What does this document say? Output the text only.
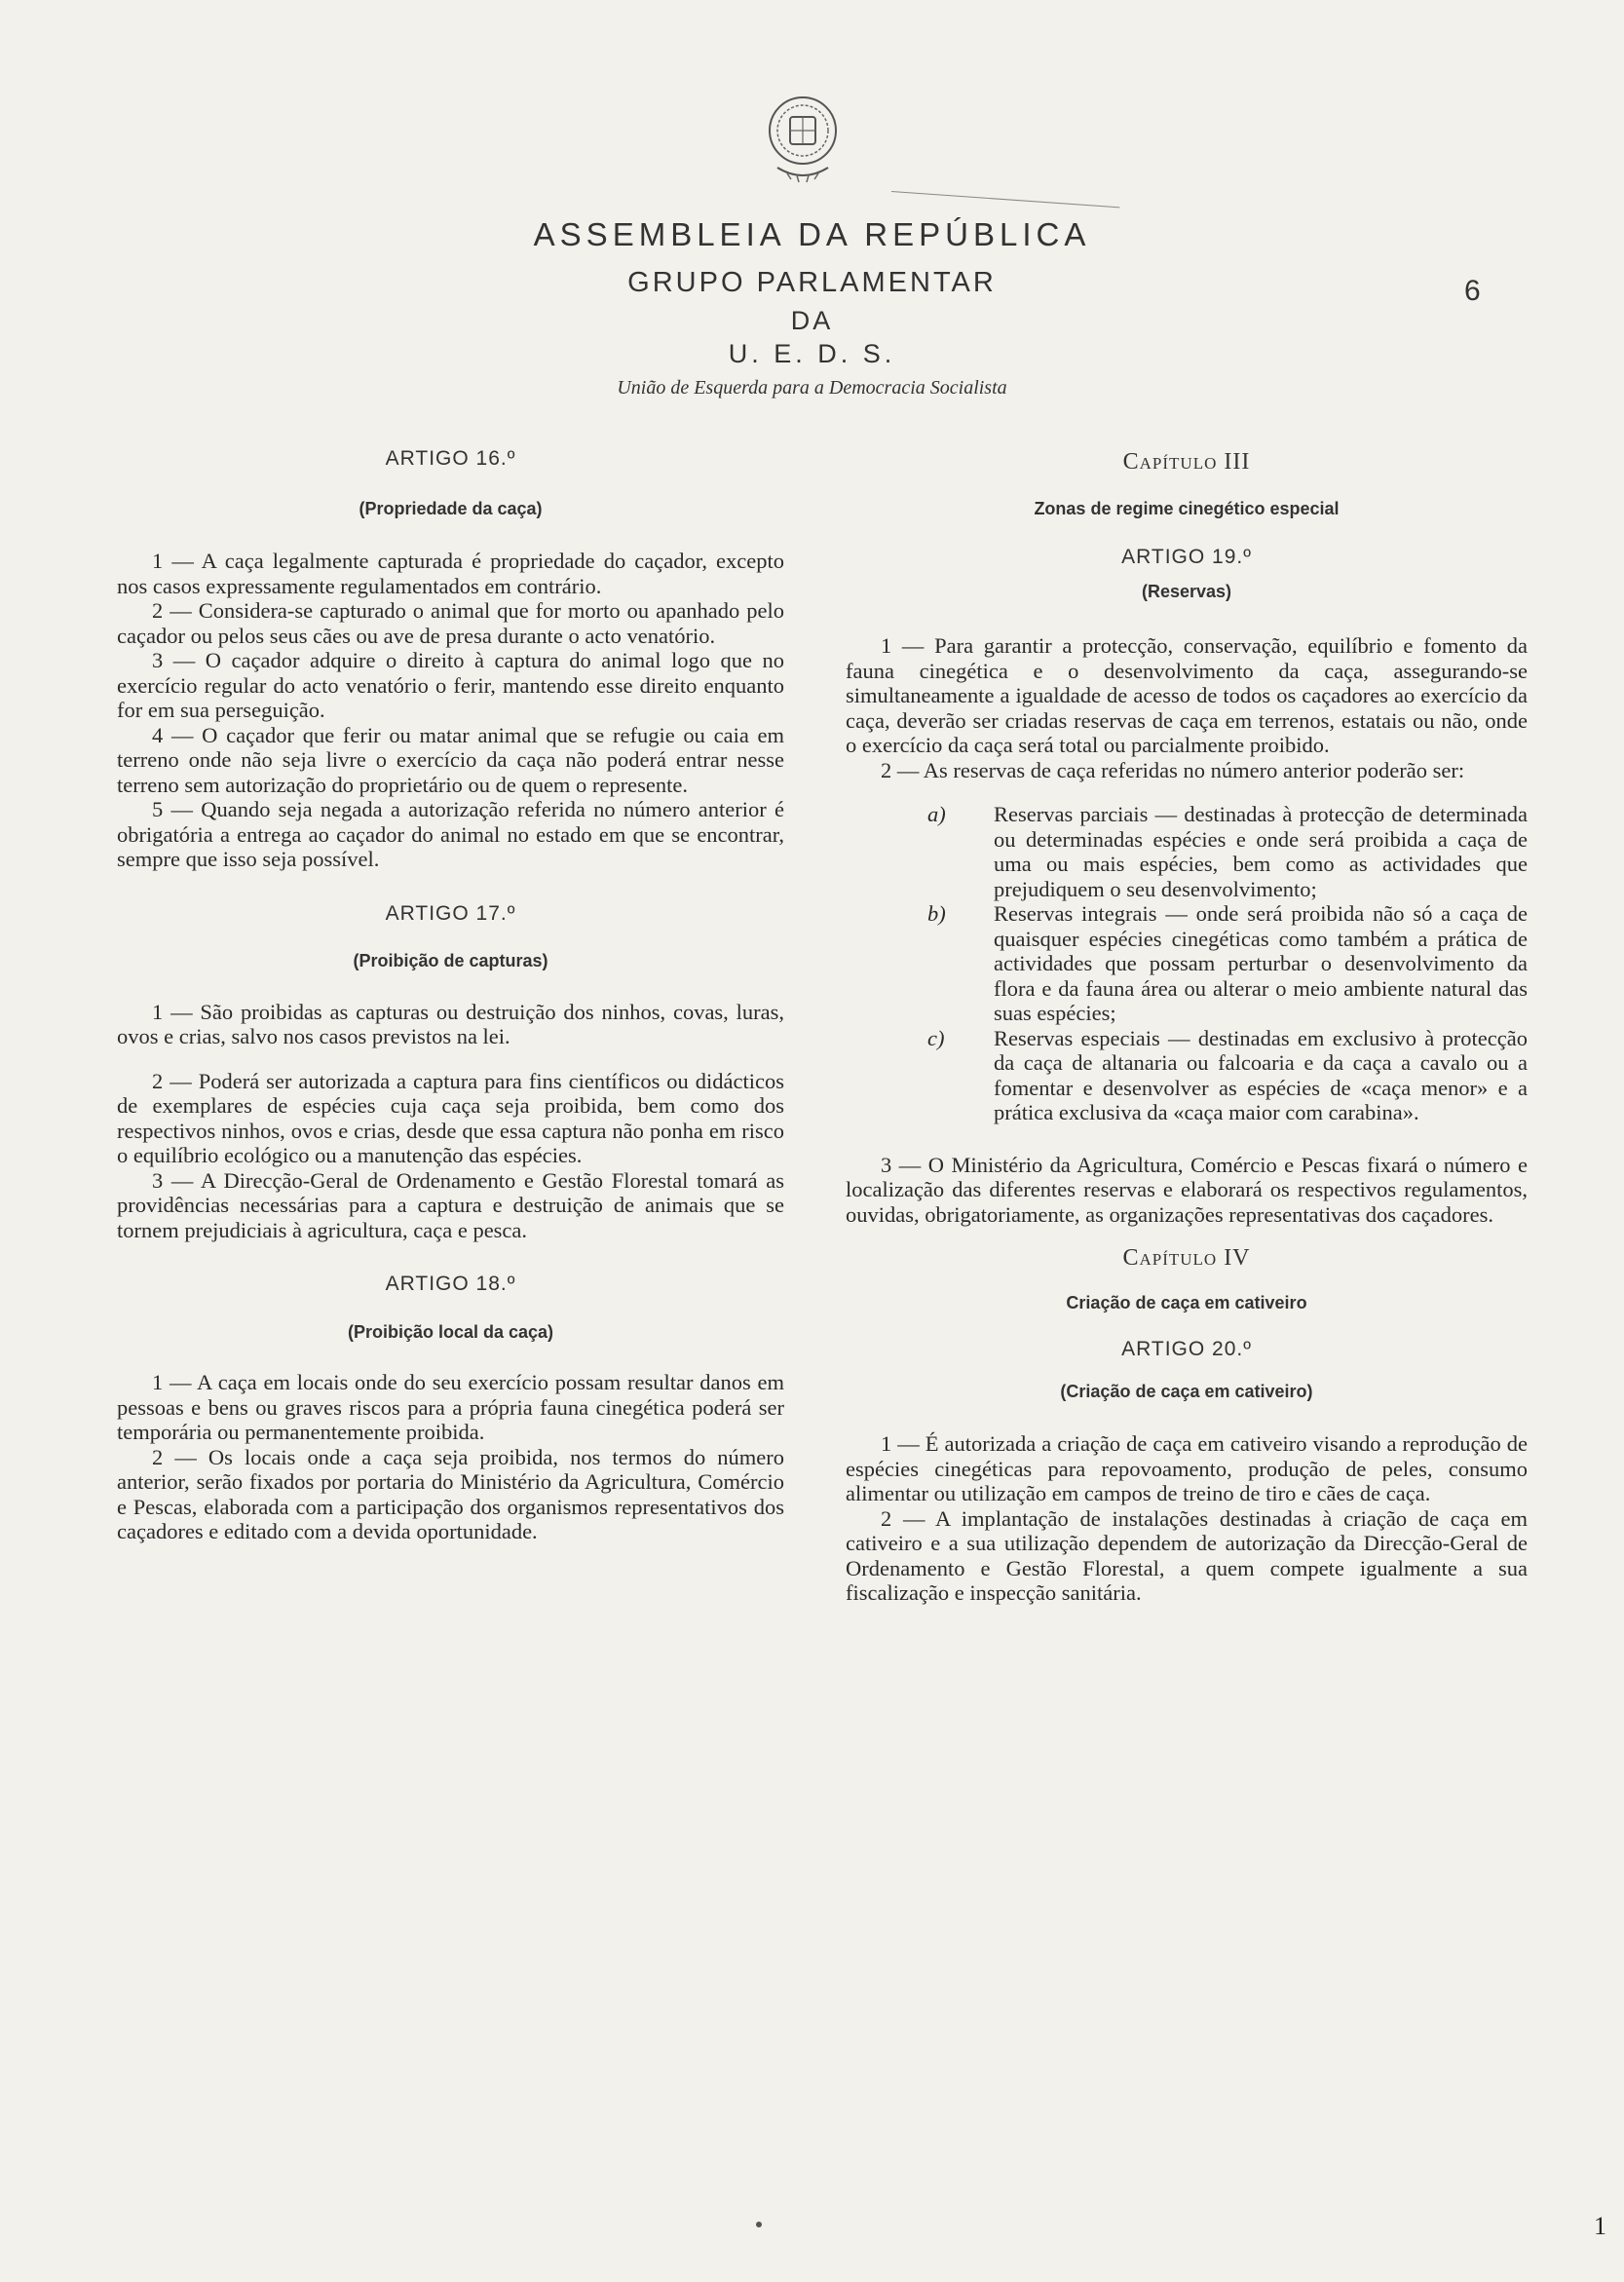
ASSEMBLEIA DA REPÚBLICA
GRUPO PARLAMENTAR
DA
U. E. D. S.
União de Esquerda para a Democracia Socialista
6

ARTIGO 16.º

(Propriedade da caça)

1 — A caça legalmente capturada é propriedade do caçador, excepto nos casos expressamente regulamentados em contrário.

2 — Considera-se capturado o animal que for morto ou apanhado pelo caçador ou pelos seus cães ou ave de presa durante o acto venatório.

3 — O caçador adquire o direito à captura do animal logo que no exercício regular do acto venatório o ferir, mantendo esse direito enquanto for em sua perseguição.

4 — O caçador que ferir ou matar animal que se refugie ou caia em terreno onde não seja livre o exercício da caça não poderá entrar nesse terreno sem autorização do proprietário ou de quem o represente.

5 — Quando seja negada a autorização referida no número anterior é obrigatória a entrega ao caçador do animal no estado em que se encontrar, sempre que isso seja possível.

ARTIGO 17.º

(Proibição de capturas)

1 — São proibidas as capturas ou destruição dos ninhos, covas, luras, ovos e crias, salvo nos casos previstos na lei.

2 — Poderá ser autorizada a captura para fins científicos ou didácticos de exemplares de espécies cuja caça seja proibida, bem como dos respectivos ninhos, ovos e crias, desde que essa captura não ponha em risco o equilíbrio ecológico ou a manutenção das espécies.

3 — A Direcção-Geral de Ordenamento e Gestão Florestal tomará as providências necessárias para a captura e destruição de animais que se tornem prejudiciais à agricultura, caça e pesca.

ARTIGO 18.º

(Proibição local da caça)

1 — A caça em locais onde do seu exercício possam resultar danos em pessoas e bens ou graves riscos para a própria fauna cinegética poderá ser temporária ou permanentemente proibida.

2 — Os locais onde a caça seja proibida, nos termos do número anterior, serão fixados por portaria do Ministério da Agricultura, Comércio e Pescas, elaborada com a participação dos organismos representativos dos caçadores e editado com a devida oportunidade.

Capítulo III

Zonas de regime cinegético especial

ARTIGO 19.º

(Reservas)

1 — Para garantir a protecção, conservação, equilíbrio e fomento da fauna cinegética e o desenvolvimento da caça, assegurando-se simultaneamente a igualdade de acesso de todos os caçadores ao exercício da caça, deverão ser criadas reservas de caça em terrenos, estatais ou não, onde o exercício da caça será total ou parcialmente proibido.

2 — As reservas de caça referidas no número anterior poderão ser:

a) Reservas parciais — destinadas à protecção de determinada ou determinadas espécies e onde será proibida a caça de uma ou mais espécies, bem como as actividades que prejudiquem o seu desenvolvimento;
b) Reservas integrais — onde será proibida não só a caça de quaisquer espécies cinegéticas como também a prática de actividades que possam perturbar o desenvolvimento da flora e da fauna área ou alterar o meio ambiente natural das suas espécies;
c) Reservas especiais — destinadas em exclusivo à protecção da caça de altanaria ou falcoaria e da caça a cavalo ou a fomentar e desenvolver as espécies de «caça menor» e a prática exclusiva da «caça maior com carabina».

3 — O Ministério da Agricultura, Comércio e Pescas fixará o número e localização das diferentes reservas e elaborará os respectivos regulamentos, ouvidas, obrigatoriamente, as organizações representativas dos caçadores.

Capítulo IV

Criação de caça em cativeiro

ARTIGO 20.º

(Criação de caça em cativeiro)

1 — É autorizada a criação de caça em cativeiro visando a reprodução de espécies cinegéticas para repovoamento, produção de peles, consumo alimentar ou utilização em campos de treino de tiro e cães de caça.

2 — A implantação de instalações destinadas à criação de caça em cativeiro e a sua utilização dependem de autorização da Direcção-Geral de Ordenamento e Gestão Florestal, a quem compete igualmente a sua fiscalização e inspecção sanitária.

1
